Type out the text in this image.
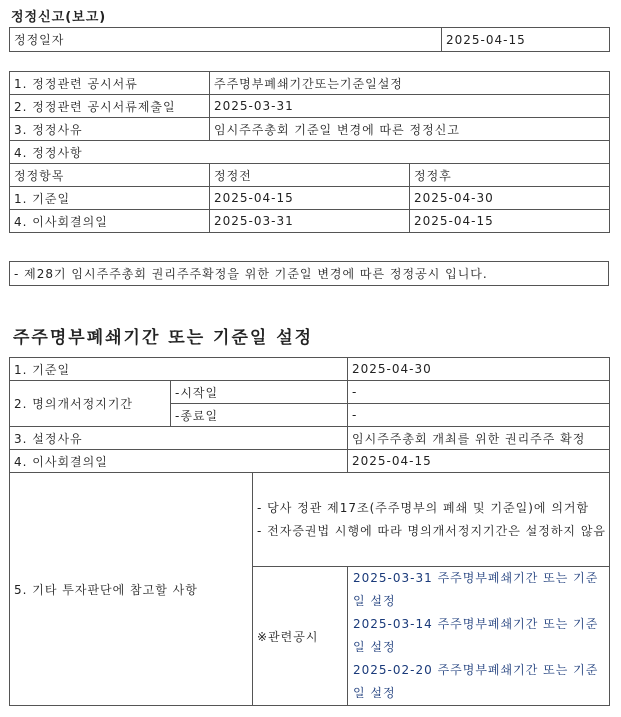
정정신고(보고)
정정일자	2025-04-15
1. 정정관련 공시서류	주주명부폐쇄기간또는기준일설정	
2. 정정관련 공시서류제출일	2025-03-31	
3. 정정사유	임시주주총회 기준일 변경에 따른 정정신고	
4. 정정사항		
정정항목	정정전	정정후
1. 기준일	2025-04-15	2025-04-30
4. 이사회결의일	2025-03-31	2025-04-15
- 제28기 임시주주총회 권리주주확정을 위한 기준일 변경에 따른 정정공시 입니다.
주주명부폐쇄기간 또는 기준일 설정
1. 기준일			2025-04-30
2. 명의개서정지기간	-시작일		-
	-종료일		-
3. 설정사유			임시주주총회 개최를 위한 권리주주 확정
4. 이사회결의일			2025-04-15
5. 기타 투자판단에 참고할 사항		- 당사 정관 제17조(주주명부의 폐쇄 및 기준일)에 의거함
- 전자증권법 시행에 따라 명의개서정지기간은 설정하지 않음	

		※관련공시	2025-03-31 주주명부폐쇄기간 또는 기준일 설정
2025-03-14 주주명부폐쇄기간 또는 기준일 설정
2025-02-20 주주명부폐쇄기간 또는 기준일 설정
